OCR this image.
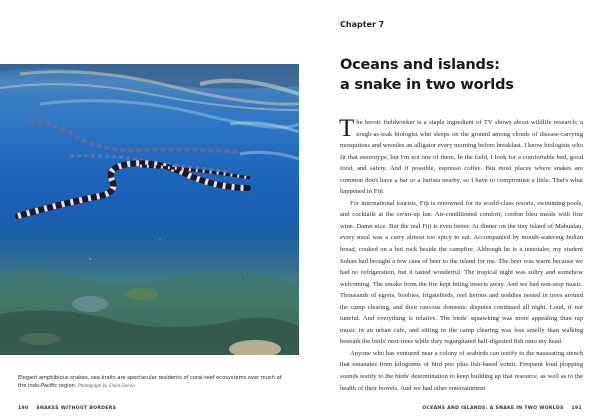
Elegant amphibious snakes, sea kraits are spectacular residents of coral-reef ecosystems over much of the Indo-Pacific region. Photograph by Claire Goiran
190 SNAKES WITHOUT BORDERS
Chapter 7
Oceans and islands:
a snake in two worlds

The heroic fieldworker is a staple ingredient of TV shows about wildlife research; a tough-as-teak biologist who sleeps on the ground among clouds of disease-carrying mosquitoes and wrestles an alligator every morning before breakfast. I know biologists who fit that stereotype, but I'm not one of them. In the field, I look for a comfortable bed, good food, and safety. And if possible, espresso coffee. But most places where snakes are common don't have a bar or a barista nearby, so I have to compromise a little. That's what happened in Fiji.

For international tourists, Fiji is renowned for its world-class resorts, swimming pools, and cocktails at the swim-up bar. Air-conditioned comfort, cordon bleu meals with fine wine. Damn nice. But the real Fiji is even better. At dinner on the tiny island of Mabualau, every meal was a curry almost too spicy to eat. Accompanied by mouth-watering Indian bread, cooked on a hot rock beside the campfire. Although he is a teetotaler, my student Sohan had brought a few cans of beer to the island for me. The beer was warm because we had no refrigeration, but it tasted wonderful. The tropical night was sultry and somehow welcoming. The smoke from the fire kept biting insects away. And we had non-stop music. Thousands of egrets, boobies, frigatebirds, reef herons and noddies nested in trees around the camp clearing, and their raucous domestic disputes continued all night. Loud, if not tuneful. And everything is relative. The birds' squawking was more appealing than rap music in an urban cafe, and sitting in the camp clearing was less smelly than walking beneath the birds' nest-trees while they regurgitated half-digested fish onto my head.

Anyone who has ventured near a colony of seabirds can testify to the nauseating stench that emanates from kilograms of bird poo plus fish-based vomit. Frequent loud plopping sounds testify to the birds' determination to keep building up that resource, as well as to the health of their bowels. And we had other entertainment

OCEANS AND ISLANDS: A SNAKE IN TWO WORLDS 191
